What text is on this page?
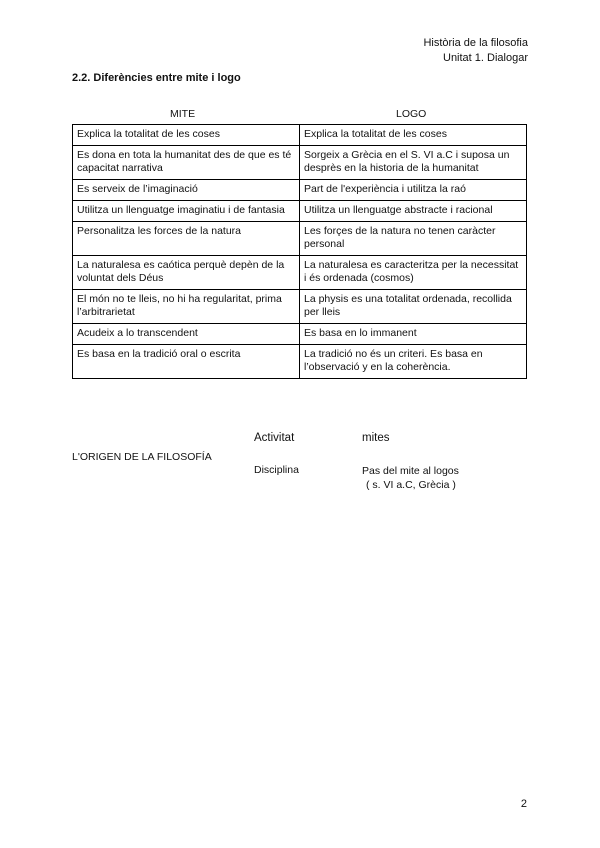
Història de la filosofia
Unitat 1. Dialogar
2.2. Diferències entre mite i logo
MITE	LOGO
Explica la totalitat de les coses	Explica la totalitat de les coses
Es dona en tota la humanitat des de que es té capacitat narrativa	Sorgeix a Grècia en el S. VI a.C i suposa un desprès en la historia de la humanitat
Es serveix de l’imaginació	Part de l'experiència i utilitza la raó
Utilitza un llenguatge imaginatiu i de fantasia	Utilitza un llenguatge abstracte i racional
Personalitza les forces de la natura	Les forçes de la natura no tenen caràcter personal
La naturalesa es caótica perquè depèn de la voluntat dels Déus	La naturalesa es caracteritza per la necessitat i és ordenada (cosmos)
El món no te lleis, no hi ha regularitat, prima l’arbitrarietat	La physis es una totalitat ordenada, recollida per lleis
Acudeix a lo transcendent	Es basa en lo immanent
Es basa en la tradició oral o escrita	La tradició no és un criteri. Es basa en l’observació y en la coherència.
Activitat	mites
L'ORIGEN DE LA FILOSOFÍA
Disciplina	Pas del mite al logos
( s. VI a.C, Grècia )
2
